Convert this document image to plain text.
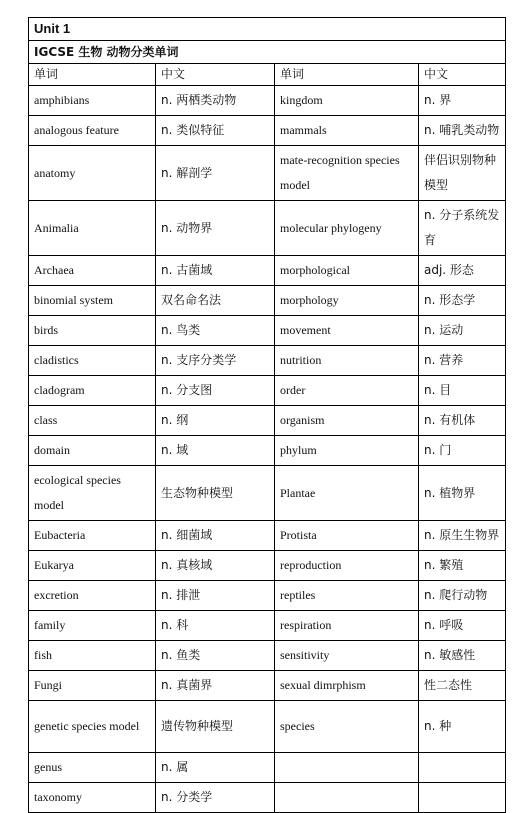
Unit 1			
IGCSE 生物 动物分类单词			
单词	中文	单词	中文
amphibians	n. 两栖类动物	kingdom	n. 界
analogous feature	n. 类似特征	mammals	n. 哺乳类动物
anatomy	n. 解剖学	mate-recognition species model	伴侣识别物种模型
Animalia	n. 动物界	molecular phylogeny	n. 分子系统发育
Archaea	n. 古菌域	morphological	adj. 形态
binomial system	双名命名法	morphology	n. 形态学
birds	n. 鸟类	movement	n. 运动
cladistics	n. 支序分类学	nutrition	n. 营养
cladogram	n. 分支图	order	n. 目
class	n. 纲	organism	n. 有机体
domain	n. 域	phylum	n. 门
ecological species model	生态物种模型	Plantae	n. 植物界
Eubacteria	n. 细菌域	Protista	n. 原生生物界
Eukarya	n. 真核域	reproduction	n. 繁殖
excretion	n. 排泄	reptiles	n. 爬行动物
family	n. 科	respiration	n. 呼吸
fish	n. 鱼类	sensitivity	n. 敏感性
Fungi	n. 真菌界	sexual dimrphism	性二态性
genetic species model	遗传物种模型	species	n. 种
genus	n. 属		
taxonomy	n. 分类学		
